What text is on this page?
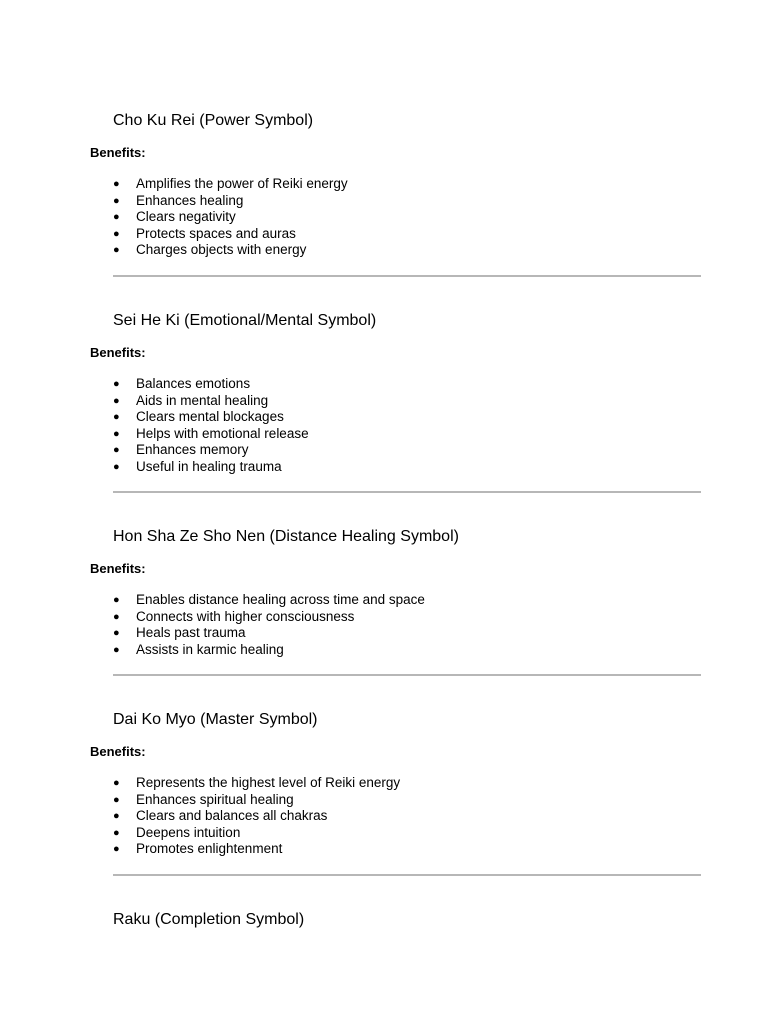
Cho Ku Rei (Power Symbol)
Benefits:
● Amplifies the power of Reiki energy
● Enhances healing
● Clears negativity
● Protects spaces and auras
● Charges objects with energy
Sei He Ki (Emotional/Mental Symbol)
Benefits:
● Balances emotions
● Aids in mental healing
● Clears mental blockages
● Helps with emotional release
● Enhances memory
● Useful in healing trauma
Hon Sha Ze Sho Nen (Distance Healing Symbol)
Benefits:
● Enables distance healing across time and space
● Connects with higher consciousness
● Heals past trauma
● Assists in karmic healing
Dai Ko Myo (Master Symbol)
Benefits:
● Represents the highest level of Reiki energy
● Enhances spiritual healing
● Clears and balances all chakras
● Deepens intuition
● Promotes enlightenment
Raku (Completion Symbol)
